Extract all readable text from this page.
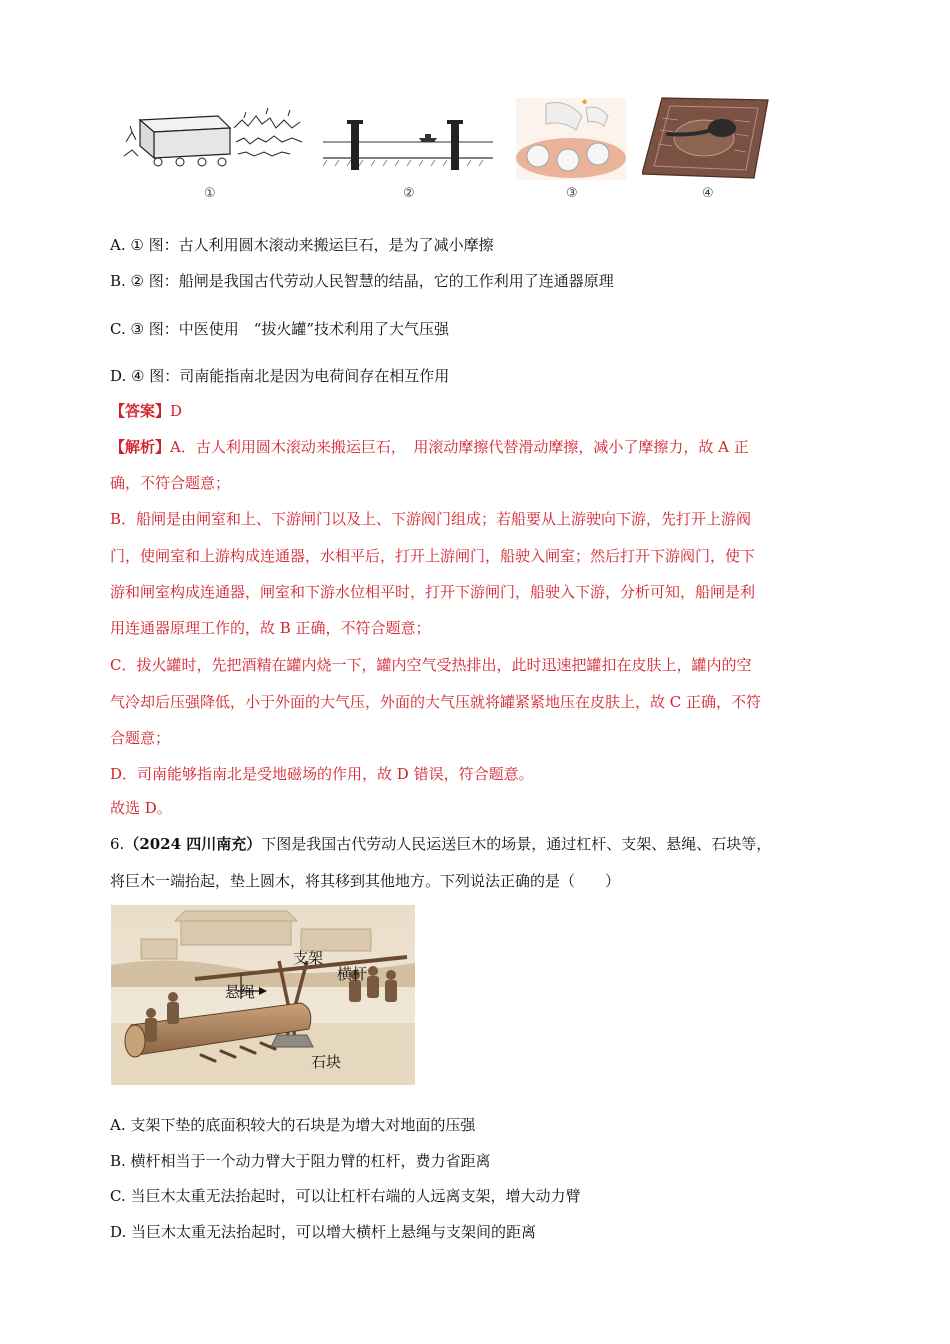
①	②	③	④
A. ① 图：古人利用圆木滚动来搬运巨石，是为了减小摩擦
B. ② 图：船闸是我国古代劳动人民智慧的结晶，它的工作利用了连通器原理
C. ③ 图：中医使用　“拔火罐”技术利用了大气压强
D. ④ 图：司南能指南北是因为电荷间存在相互作用
【答案】D
【解析】A．古人利用圆木滚动来搬运巨石，　用滚动摩擦代替滑动摩擦，减小了摩擦力，故 A 正
确，不符合题意；
B．船闸是由闸室和上、下游闸门以及上、下游阀门组成；若船要从上游驶向下游，先打开上游阀
门，使闸室和上游构成连通器，水相平后，打开上游闸门，船驶入闸室；然后打开下游阀门，使下
游和闸室构成连通器，闸室和下游水位相平时，打开下游闸门，船驶入下游，分析可知，船闸是利
用连通器原理工作的，故 B 正确，不符合题意；
C．拔火罐时，先把酒精在罐内烧一下，罐内空气受热排出，此时迅速把罐扣在皮肤上，罐内的空
气冷却后压强降低，小于外面的大气压，外面的大气压就将罐紧紧地压在皮肤上，故 C 正确，不符
合题意；
D．司南能够指南北是受地磁场的作用，故 D 错误，符合题意。
故选 D。
6.（2024 四川南充）下图是我国古代劳动人民运送巨木的场景，通过杠杆、支架、悬绳、石块等，
将巨木一端抬起，垫上圆木，将其移到其他地方。下列说法正确的是（　　）
支架
横杆
悬绳
石块
A. 支架下垫的底面积较大的石块是为增大对地面的压强
B. 横杆相当于一个动力臂大于阻力臂的杠杆，费力省距离
C. 当巨木太重无法抬起时，可以让杠杆右端的人远离支架，增大动力臂
D. 当巨木太重无法抬起时，可以增大横杆上悬绳与支架间的距离
